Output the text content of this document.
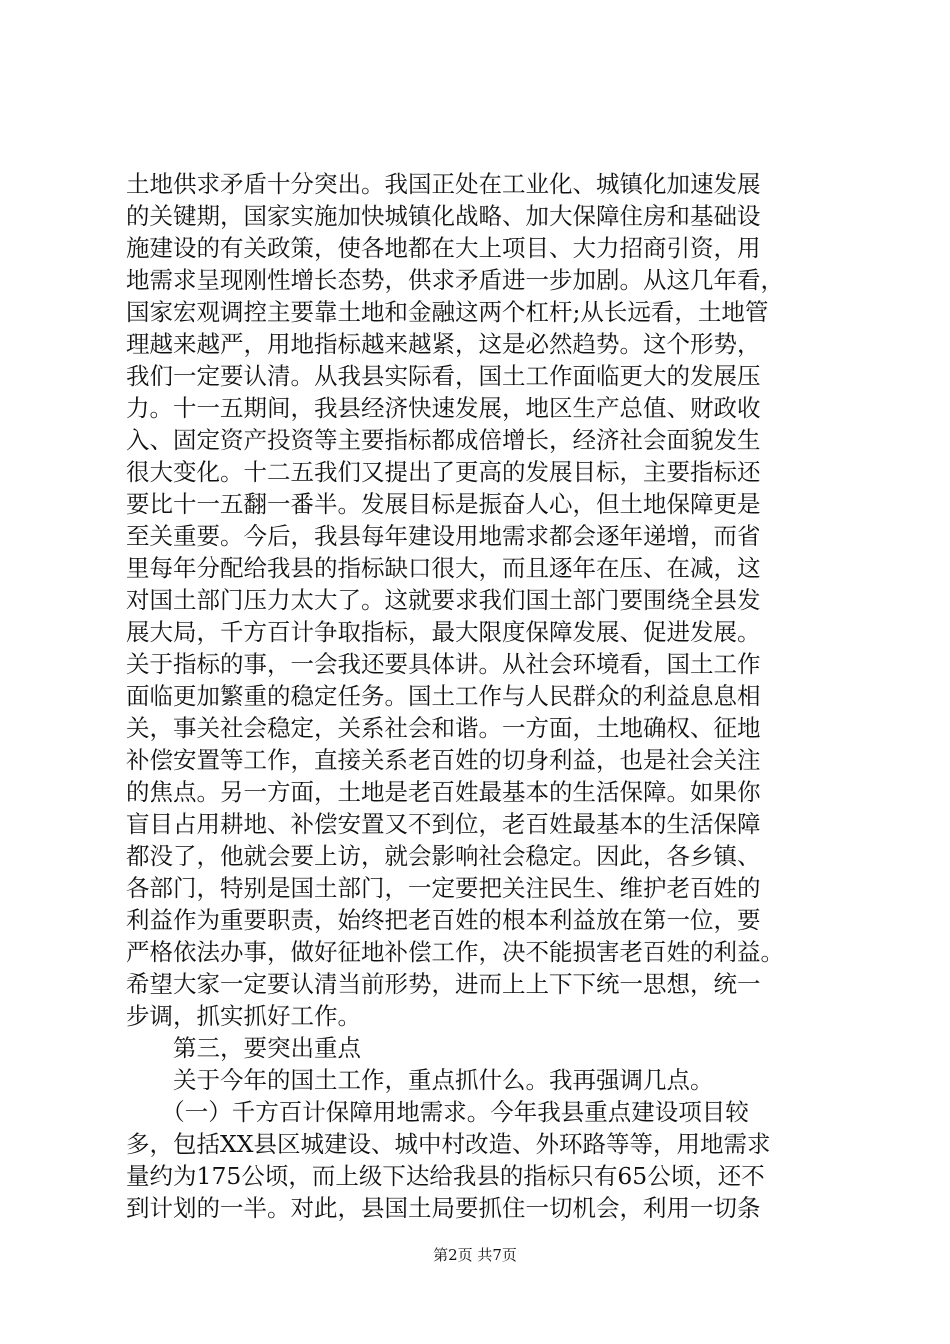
土地供求矛盾十分突出。我国正处在工业化、城镇化加速发展
的关键期，国家实施加快城镇化战略、加大保障住房和基础设
施建设的有关政策，使各地都在大上项目、大力招商引资，用
地需求呈现刚性增长态势，供求矛盾进一步加剧。从这几年看，
国家宏观调控主要靠土地和金融这两个杠杆;从长远看，土地管
理越来越严，用地指标越来越紧，这是必然趋势。这个形势，
我们一定要认清。从我县实际看，国土工作面临更大的发展压
力。十一五期间，我县经济快速发展，地区生产总值、财政收
入、固定资产投资等主要指标都成倍增长，经济社会面貌发生
很大变化。十二五我们又提出了更高的发展目标，主要指标还
要比十一五翻一番半。发展目标是振奋人心，但土地保障更是
至关重要。今后，我县每年建设用地需求都会逐年递增，而省
里每年分配给我县的指标缺口很大，而且逐年在压、在减，这
对国土部门压力太大了。这就要求我们国土部门要围绕全县发
展大局，千方百计争取指标，最大限度保障发展、促进发展。
关于指标的事，一会我还要具体讲。从社会环境看，国土工作
面临更加繁重的稳定任务。国土工作与人民群众的利益息息相
关，事关社会稳定，关系社会和谐。一方面，土地确权、征地
补偿安置等工作，直接关系老百姓的切身利益，也是社会关注
的焦点。另一方面，土地是老百姓最基本的生活保障。如果你
盲目占用耕地、补偿安置又不到位，老百姓最基本的生活保障
都没了，他就会要上访，就会影响社会稳定。因此，各乡镇、
各部门，特别是国土部门，一定要把关注民生、维护老百姓的
利益作为重要职责，始终把老百姓的根本利益放在第一位，要
严格依法办事，做好征地补偿工作，决不能损害老百姓的利益。
希望大家一定要认清当前形势，进而上上下下统一思想，统一
步调，抓实抓好工作。
　　第三，要突出重点
　　关于今年的国土工作，重点抓什么。我再强调几点。
　　（一）千方百计保障用地需求。今年我县重点建设项目较
多，包括XX县区城建设、城中村改造、外环路等等，用地需求
量约为175公顷，而上级下达给我县的指标只有65公顷，还不
到计划的一半。对此，县国土局要抓住一切机会，利用一切条
第2页 共7页
